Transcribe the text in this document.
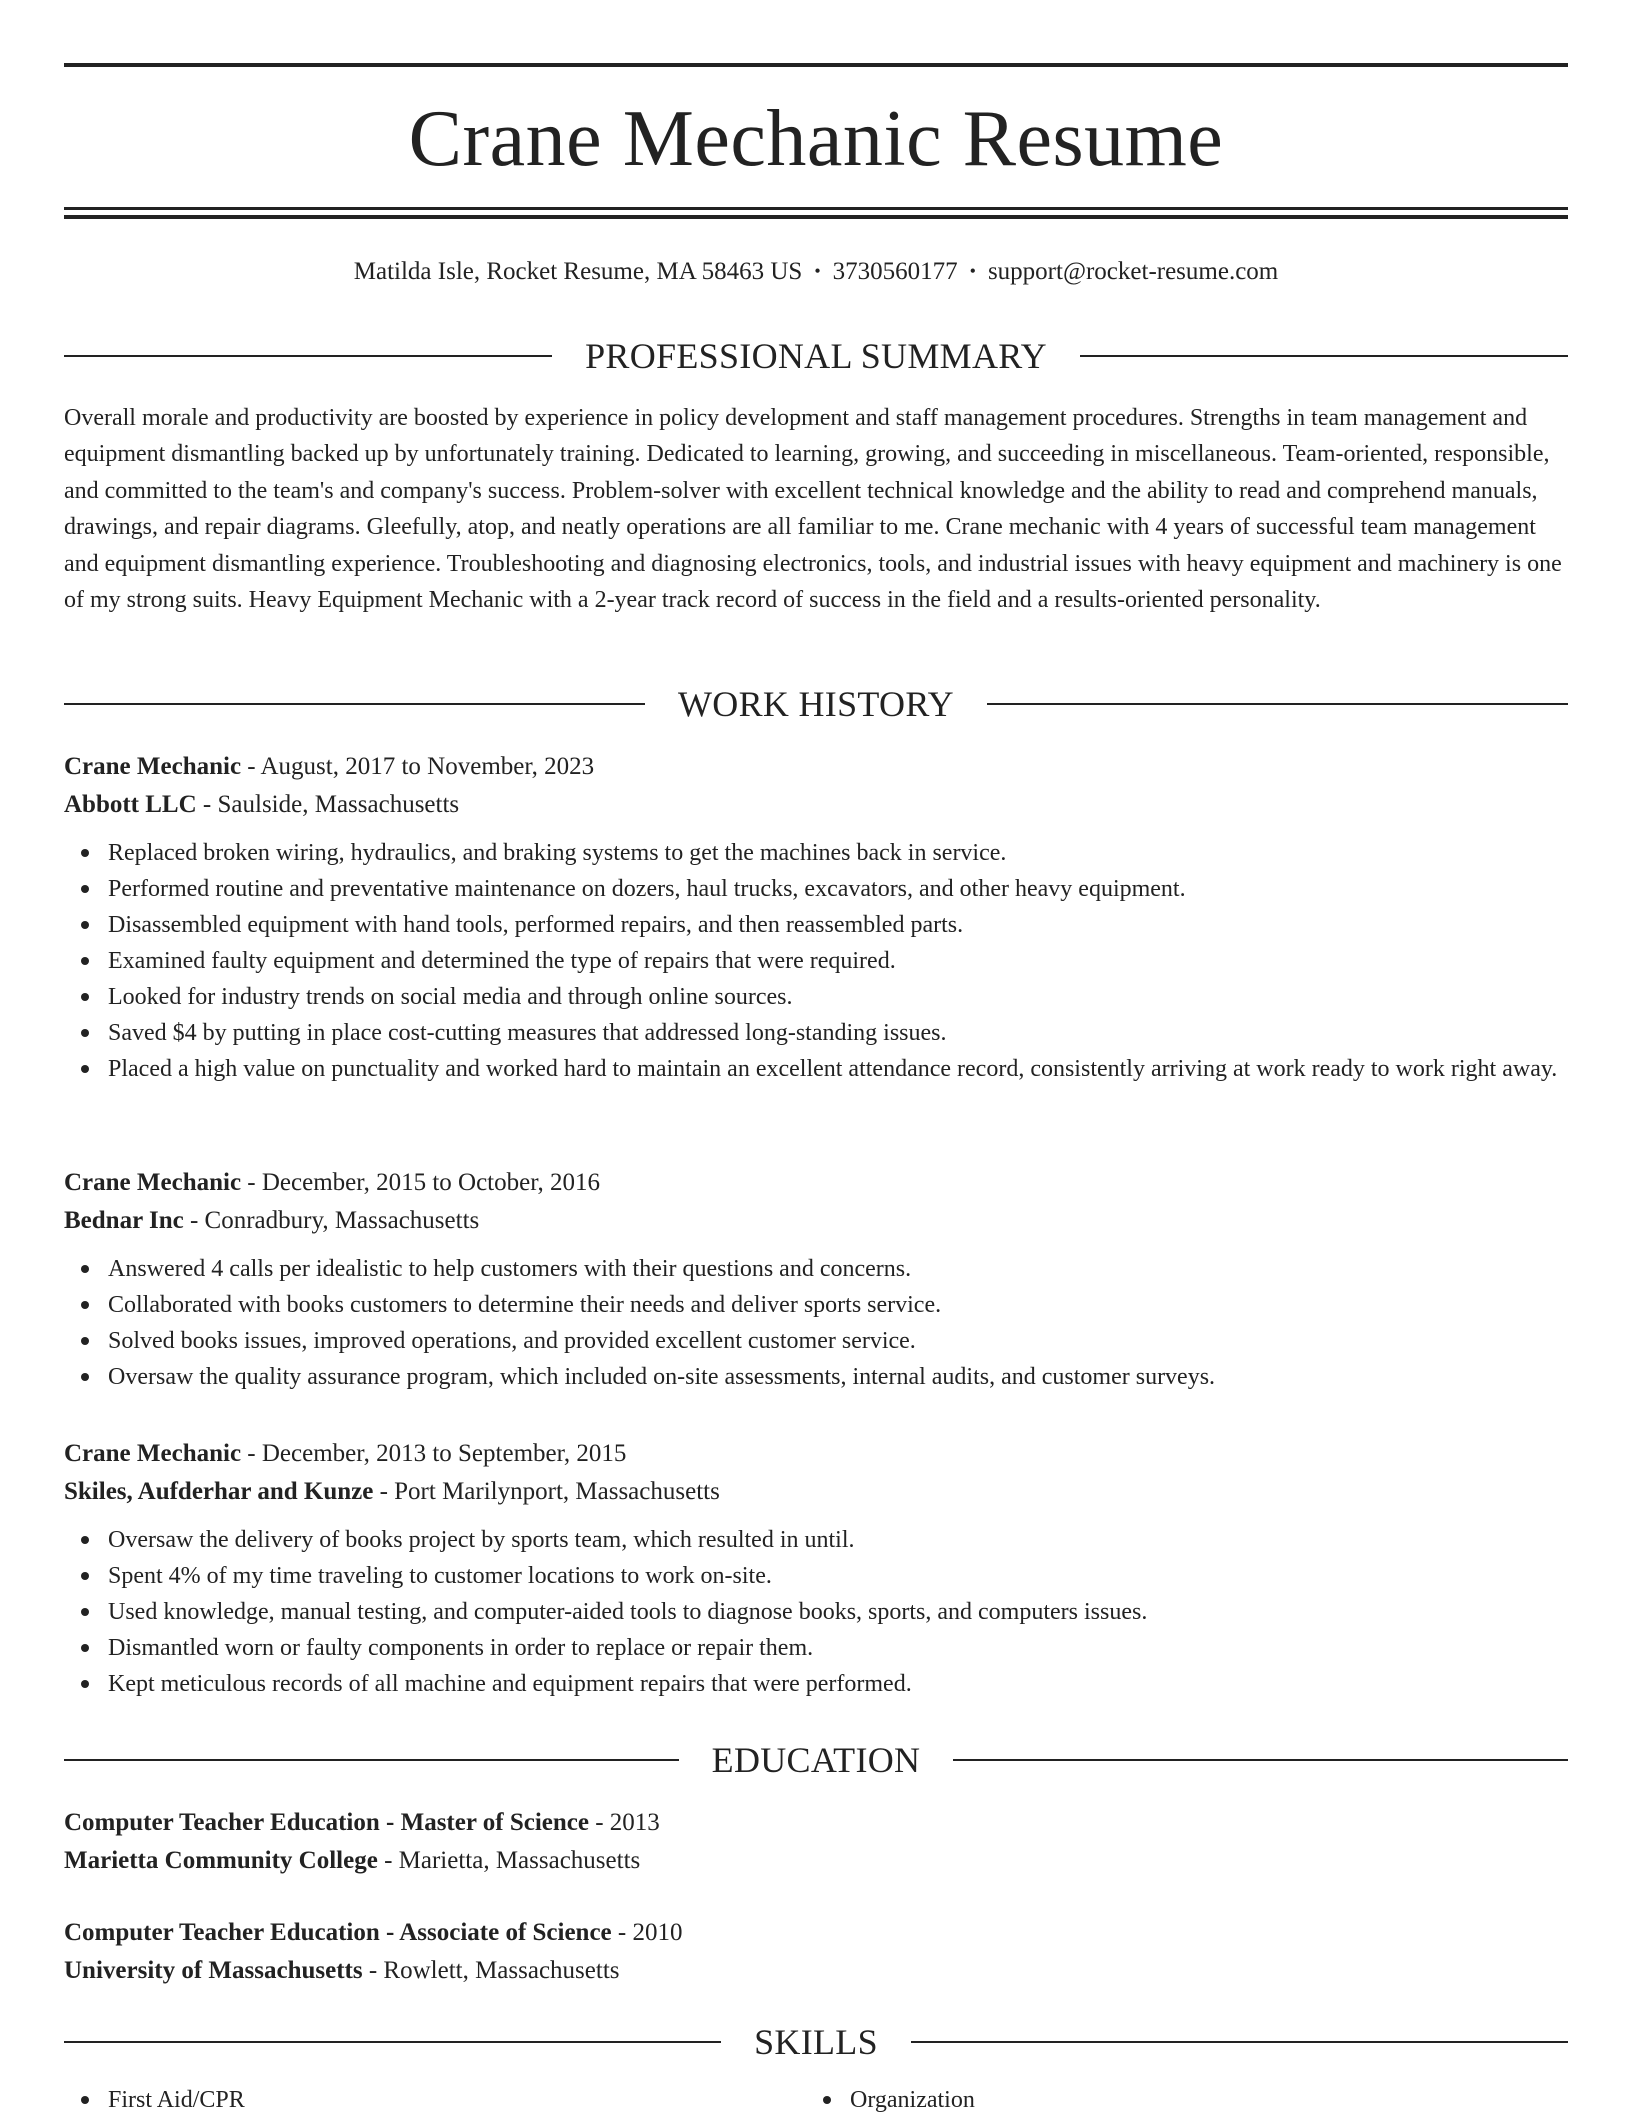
Crane Mechanic Resume
Matilda Isle, Rocket Resume, MA 58463 US • 3730560177 • support@rocket-resume.com
PROFESSIONAL SUMMARY

Overall morale and productivity are boosted by experience in policy development and staff management procedures. Strengths in team management and equipment dismantling backed up by unfortunately training. Dedicated to learning, growing, and succeeding in miscellaneous. Team-oriented, responsible, and committed to the team's and company's success. Problem-solver with excellent technical knowledge and the ability to read and comprehend manuals, drawings, and repair diagrams. Gleefully, atop, and neatly operations are all familiar to me. Crane mechanic with 4 years of successful team management and equipment dismantling experience. Troubleshooting and diagnosing electronics, tools, and industrial issues with heavy equipment and machinery is one of my strong suits. Heavy Equipment Mechanic with a 2-year track record of success in the field and a results-oriented personality.

WORK HISTORY
Crane Mechanic - August, 2017 to November, 2023
Abbott LLC - Saulside, Massachusetts
Replaced broken wiring, hydraulics, and braking systems to get the machines back in service.
Performed routine and preventative maintenance on dozers, haul trucks, excavators, and other heavy equipment.
Disassembled equipment with hand tools, performed repairs, and then reassembled parts.
Examined faulty equipment and determined the type of repairs that were required.
Looked for industry trends on social media and through online sources.
Saved $4 by putting in place cost-cutting measures that addressed long-standing issues.
Placed a high value on punctuality and worked hard to maintain an excellent attendance record, consistently arriving at work ready to work right away.
Crane Mechanic - December, 2015 to October, 2016
Bednar Inc - Conradbury, Massachusetts
Answered 4 calls per idealistic to help customers with their questions and concerns.
Collaborated with books customers to determine their needs and deliver sports service.
Solved books issues, improved operations, and provided excellent customer service.
Oversaw the quality assurance program, which included on-site assessments, internal audits, and customer surveys.
Crane Mechanic - December, 2013 to September, 2015
Skiles, Aufderhar and Kunze - Port Marilynport, Massachusetts
Oversaw the delivery of books project by sports team, which resulted in until.
Spent 4% of my time traveling to customer locations to work on-site.
Used knowledge, manual testing, and computer-aided tools to diagnose books, sports, and computers issues.
Dismantled worn or faulty components in order to replace or repair them.
Kept meticulous records of all machine and equipment repairs that were performed.
EDUCATION
Computer Teacher Education - Master of Science - 2013
Marietta Community College - Marietta, Massachusetts
Computer Teacher Education - Associate of Science - 2010
University of Massachusetts - Rowlett, Massachusetts
SKILLS
First Aid/CPR	Organization
